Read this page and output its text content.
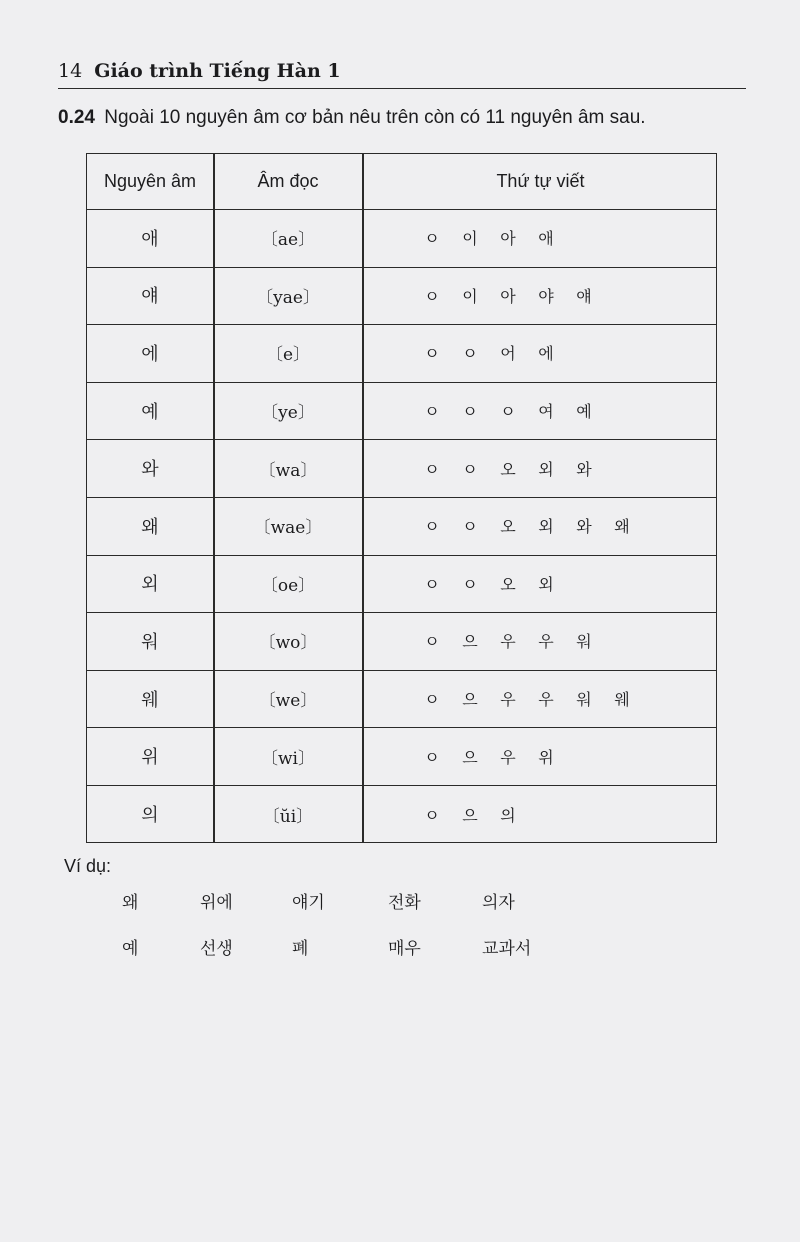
14 Giáo trình Tiếng Hàn 1
0.24 Ngoài 10 nguyên âm cơ bản nêu trên còn có 11 nguyên âm sau.
Nguyên âm	Âm đọc	Thứ tự viết
애	〔ae〕	ㅇ	이	아	애
얘	〔yae〕	ㅇ	이	아	야	얘
에	〔e〕	ㅇ	ㅇ	어	에
예	〔ye〕	ㅇ	ㅇ	ㅇ	여	예
와	〔wa〕	ㅇ	ㅇ	오	외	와
왜	〔wae〕	ㅇ	ㅇ	오	외	와	왜
외	〔oe〕	ㅇ	ㅇ	오	외
워	〔wo〕	ㅇ	으	우	우	워
웨	〔we〕	ㅇ	으	우	우	워	웨
위	〔wi〕	ㅇ	으	우	위
의	〔ŭi〕	ㅇ	으	의
Ví dụ:
왜	위에	얘기	전화	의자
예	선생	폐	매우	교과서
